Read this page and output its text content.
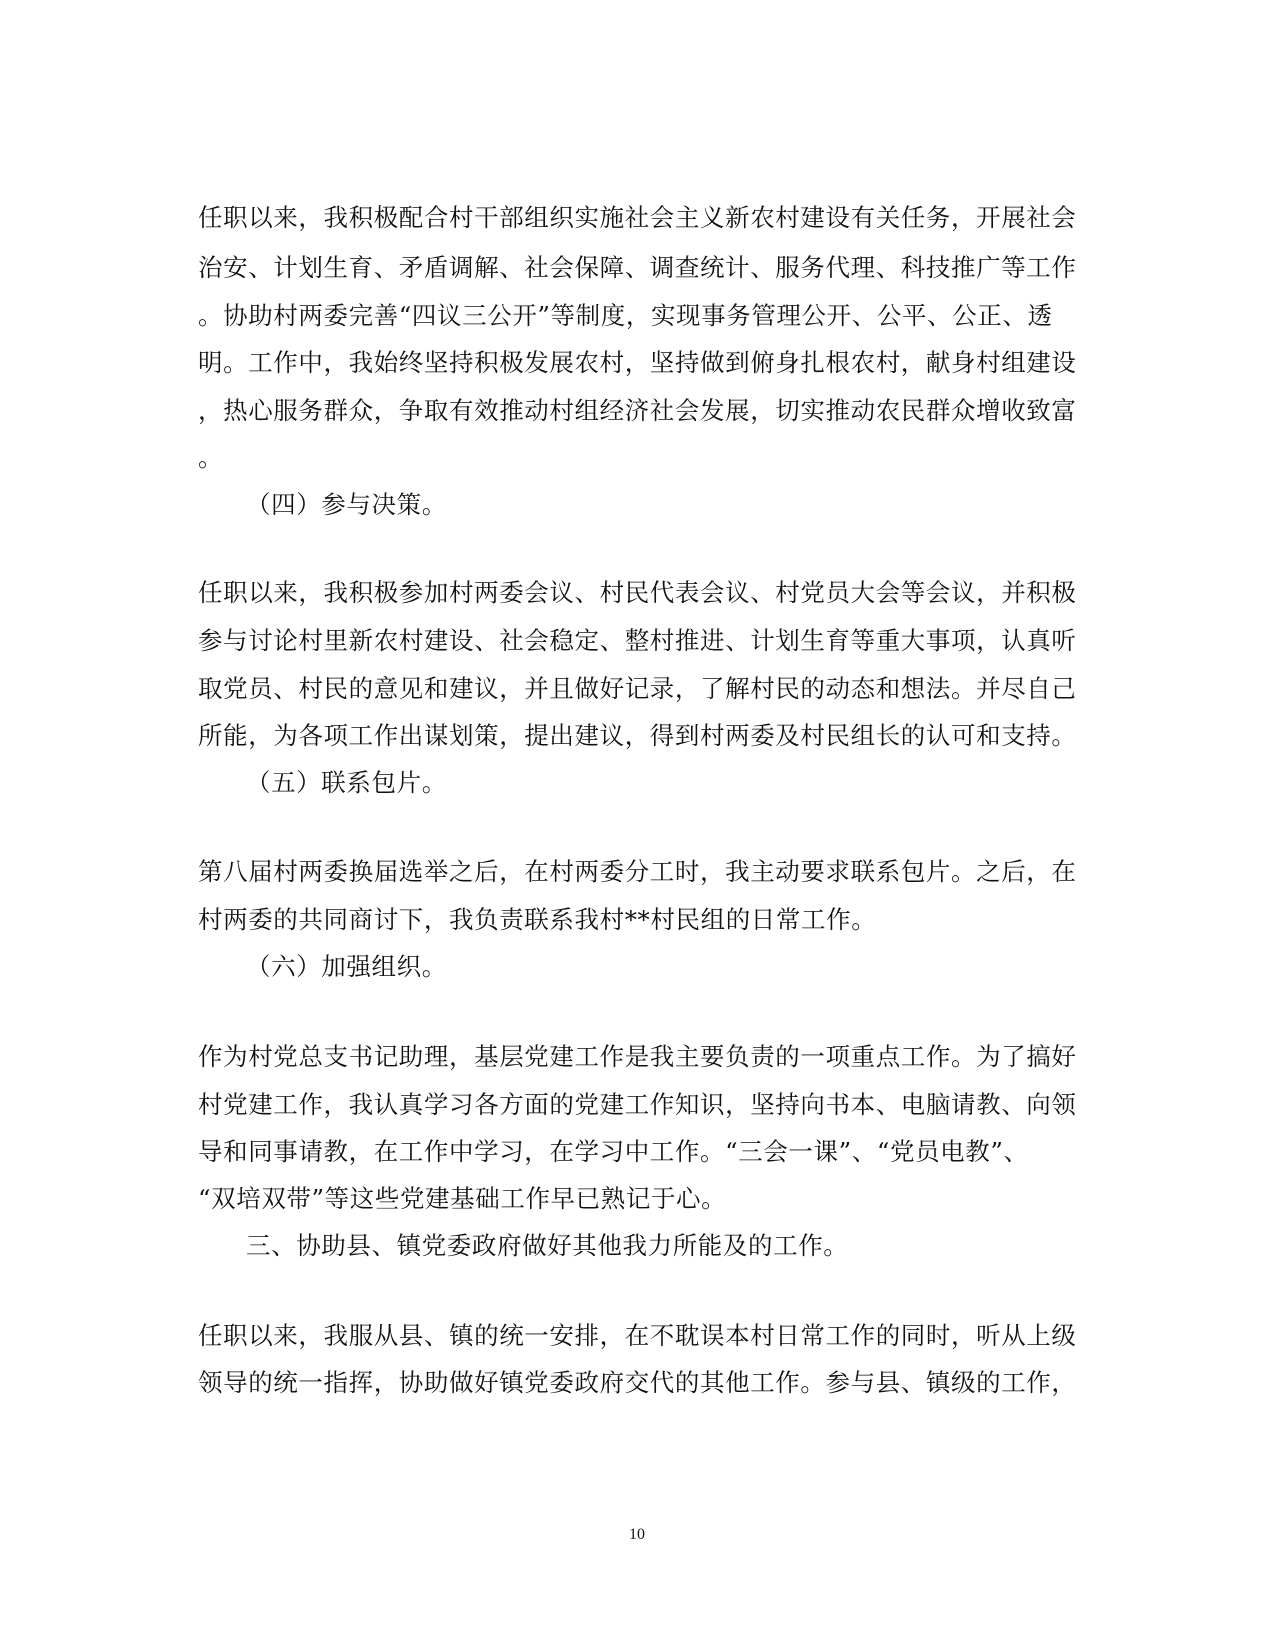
任职以来，我积极配合村干部组织实施社会主义新农村建设有关任务，开展社会
治安、计划生育、矛盾调解、社会保障、调查统计、服务代理、科技推广等工作
。协助村两委完善“四议三公开”等制度，实现事务管理公开、公平、公正、透
明。工作中，我始终坚持积极发展农村，坚持做到俯身扎根农村，献身村组建设
，热心服务群众，争取有效推动村组经济社会发展，切实推动农民群众增收致富
。
（四）参与决策。
任职以来，我积极参加村两委会议、村民代表会议、村党员大会等会议，并积极
参与讨论村里新农村建设、社会稳定、整村推进、计划生育等重大事项，认真听
取党员、村民的意见和建议，并且做好记录，了解村民的动态和想法。并尽自己
所能，为各项工作出谋划策，提出建议，得到村两委及村民组长的认可和支持。
（五）联系包片。
第八届村两委换届选举之后，在村两委分工时，我主动要求联系包片。之后，在
村两委的共同商讨下，我负责联系我村**村民组的日常工作。
（六）加强组织。
作为村党总支书记助理，基层党建工作是我主要负责的一项重点工作。为了搞好
村党建工作，我认真学习各方面的党建工作知识，坚持向书本、电脑请教、向领
导和同事请教，在工作中学习，在学习中工作。“三会一课”、“党员电教”、
“双培双带”等这些党建基础工作早已熟记于心。
三、协助县、镇党委政府做好其他我力所能及的工作。
任职以来，我服从县、镇的统一安排，在不耽误本村日常工作的同时，听从上级
领导的统一指挥，协助做好镇党委政府交代的其他工作。参与县、镇级的工作，
10
